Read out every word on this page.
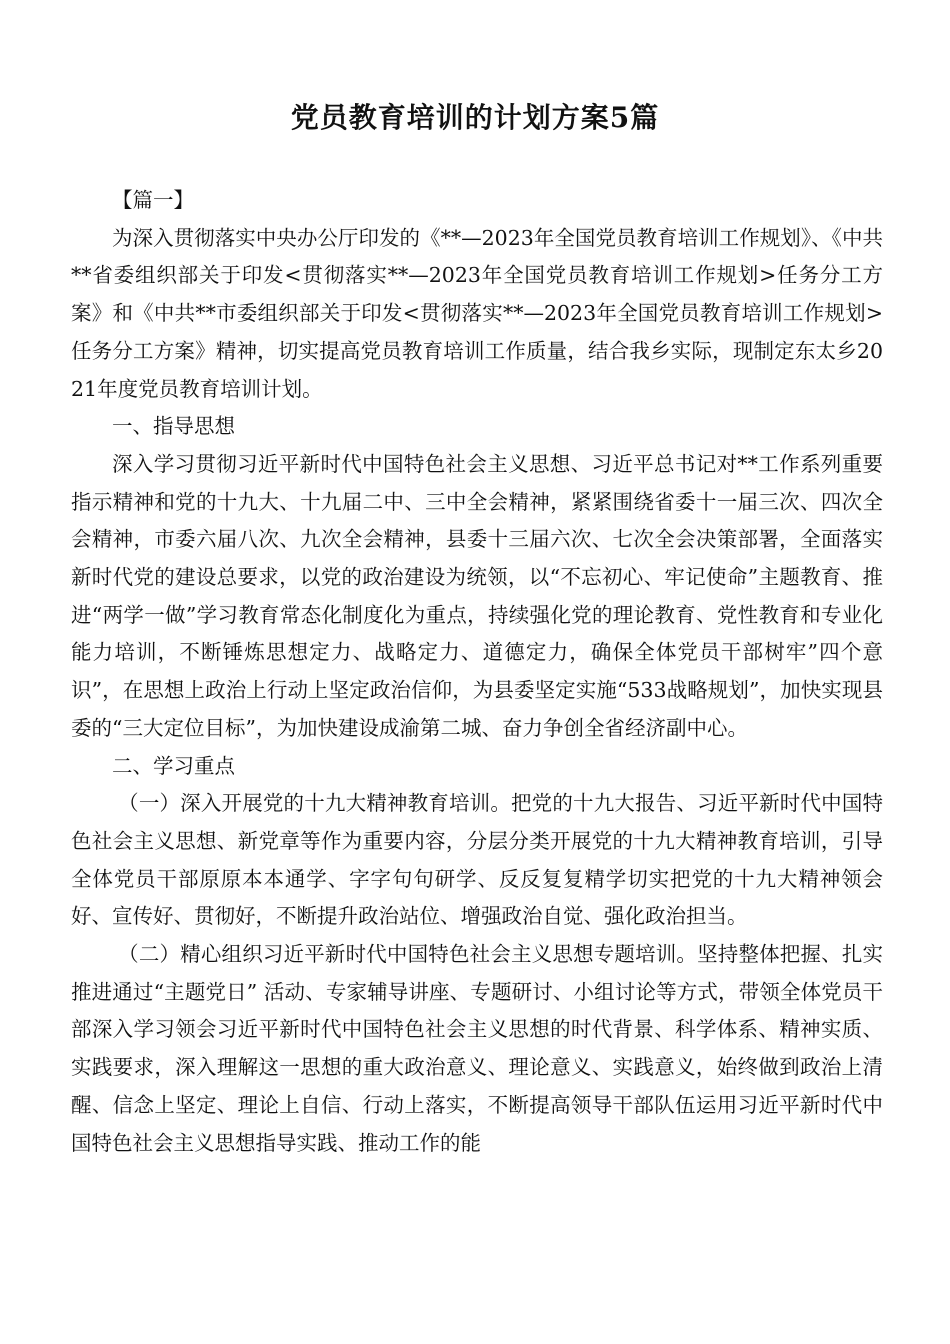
党员教育培训的计划方案5篇

【篇一】

为深入贯彻落实中央办公厅印发的《**—2023年全国党员教育培训工作规划》、《中共**省委组织部关于印发<贯彻落实**—2023年全国党员教育培训工作规划>任务分工方案》和《中共**市委组织部关于印发<贯彻落实**—2023年全国党员教育培训工作规划>任务分工方案》精神，切实提高党员教育培训工作质量，结合我乡实际，现制定东太乡2021年度党员教育培训计划。

一、指导思想

深入学习贯彻习近平新时代中国特色社会主义思想、习近平总书记对**工作系列重要指示精神和党的十九大、十九届二中、三中全会精神，紧紧围绕省委十一届三次、四次全会精神，市委六届八次、九次全会精神，县委十三届六次、七次全会决策部署，全面落实新时代党的建设总要求，以党的政治建设为统领，以“不忘初心、牢记使命”主题教育、推进“两学一做”学习教育常态化制度化为重点，持续强化党的理论教育、党性教育和专业化能力培训，不断锤炼思想定力、战略定力、道德定力，确保全体党员干部树牢”四个意识”，在思想上政治上行动上坚定政治信仰，为县委坚定实施“533战略规划”，加快实现县委的“三大定位目标”，为加快建设成渝第二城、奋力争创全省经济副中心。

二、学习重点

（一）深入开展党的十九大精神教育培训。把党的十九大报告、习近平新时代中国特色社会主义思想、新党章等作为重要内容，分层分类开展党的十九大精神教育培训，引导全体党员干部原原本本通学、字字句句研学、反反复复精学切实把党的十九大精神领会好、宣传好、贯彻好，不断提升政治站位、增强政治自觉、强化政治担当。

（二）精心组织习近平新时代中国特色社会主义思想专题培训。坚持整体把握、扎实推进通过“主题党日” 活动、专家辅导讲座、专题研讨、小组讨论等方式，带领全体党员干部深入学习领会习近平新时代中国特色社会主义思想的时代背景、科学体系、精神实质、实践要求，深入理解这一思想的重大政治意义、理论意义、实践意义，始终做到政治上清醒、信念上坚定、理论上自信、行动上落实，不断提高领导干部队伍运用习近平新时代中国特色社会主义思想指导实践、推动工作的能
